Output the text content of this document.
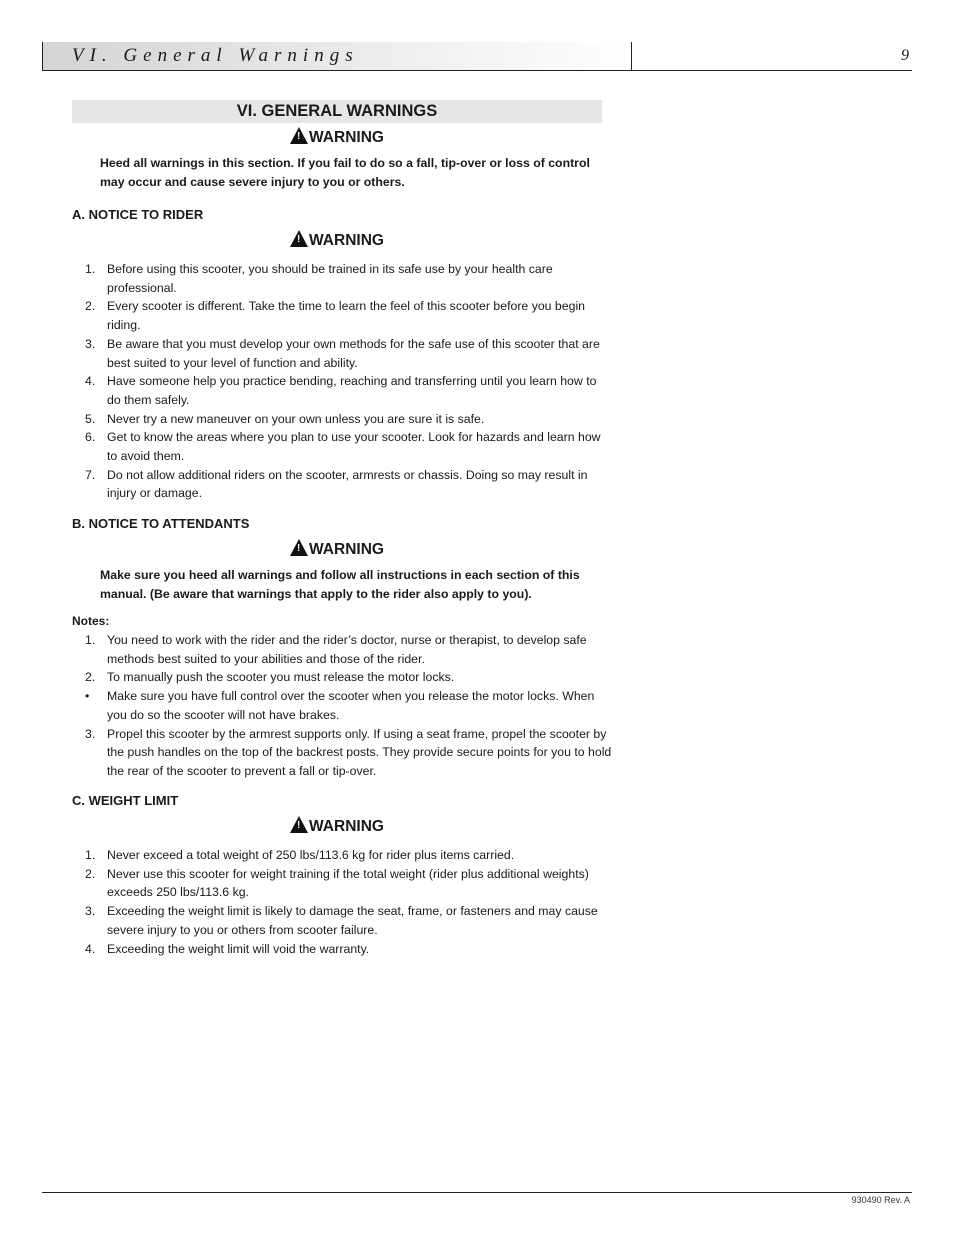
VI. General Warnings	9
VI. GENERAL WARNINGS
!WARNING
Heed all warnings in this section. If you fail to do so a fall, tip-over or loss of control may occur and cause severe injury to you or others.
A. NOTICE TO RIDER
!WARNING
1. Before using this scooter, you should be trained in its safe use by your health care professional.
2. Every scooter is different. Take the time to learn the feel of this scooter before you begin riding.
3. Be aware that you must develop your own methods for the safe use of this scooter that are best suited to your level of function and ability.
4. Have someone help you practice bending, reaching and transferring until you learn how to do them safely.
5. Never try a new maneuver on your own unless you are sure it is safe.
6. Get to know the areas where you plan to use your scooter. Look for hazards and learn how to avoid them.
7. Do not allow additional riders on the scooter, armrests or chassis. Doing so may result in injury or damage.
B. NOTICE TO ATTENDANTS
!WARNING
Make sure you heed all warnings and follow all instructions in each section of this manual. (Be aware that warnings that apply to the rider also apply to you).
Notes:
1. You need to work with the rider and the rider’s doctor, nurse or therapist, to develop safe methods best suited to your abilities and those of the rider.
2. To manually push the scooter you must release the motor locks.
• Make sure you have full control over the scooter when you release the motor locks. When you do so the scooter will not have brakes.
3. Propel this scooter by the armrest supports only. If using a seat frame, propel the scooter by the push handles on the top of the backrest posts. They provide secure points for you to hold the rear of the scooter to prevent a fall or tip-over.
C. WEIGHT LIMIT
!WARNING
1. Never exceed a total weight of 250 lbs/113.6 kg for rider plus items carried.
2. Never use this scooter for weight training if the total weight (rider plus additional weights) exceeds 250 lbs/113.6 kg.
3. Exceeding the weight limit is likely to damage the seat, frame, or fasteners and may cause severe injury to you or others from scooter failure.
4. Exceeding the weight limit will void the warranty.
930490 Rev. A
